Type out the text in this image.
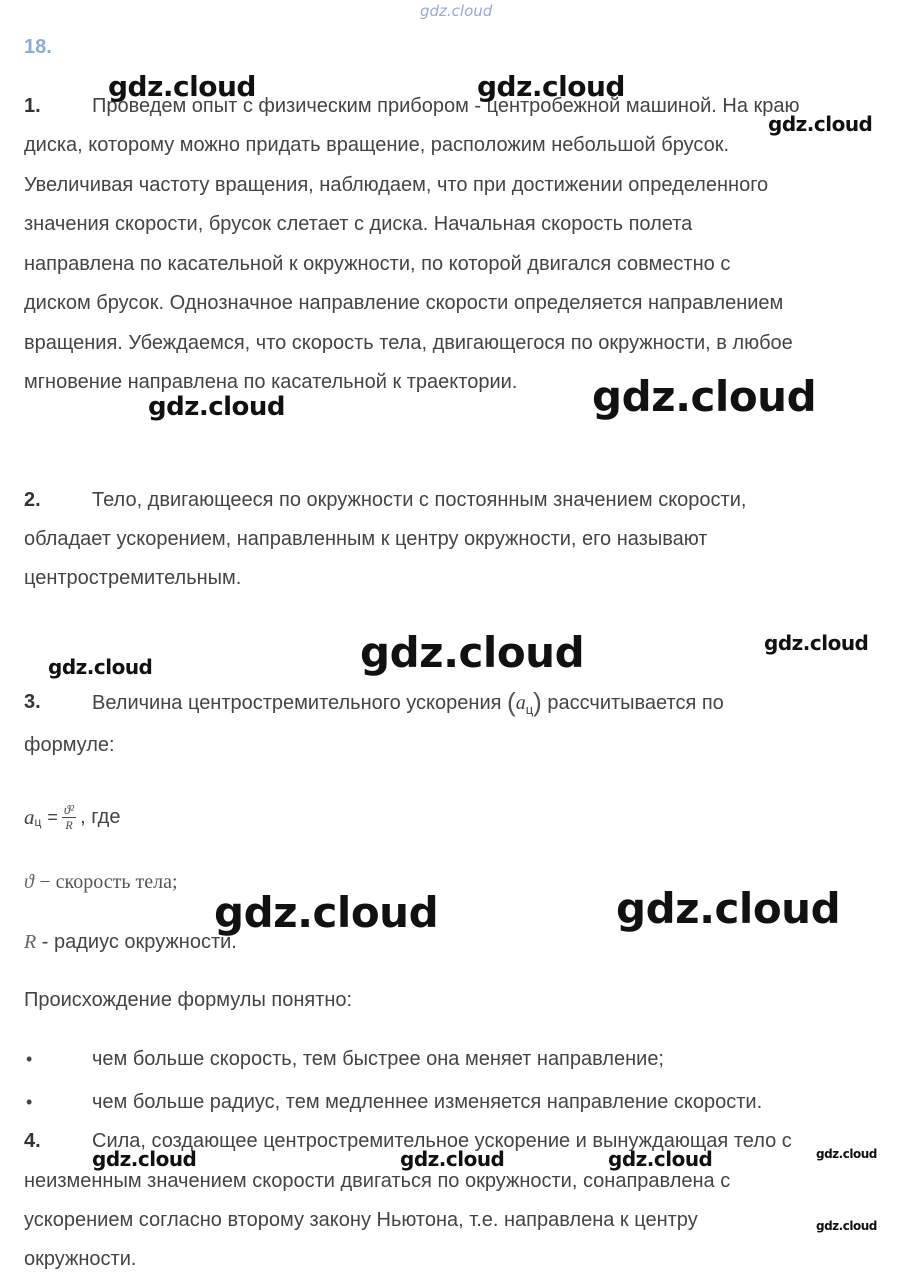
gdz.cloud
18.
1.	Проведем опыт с физическим прибором - центробежной машиной. На краю
диска, которому можно придать вращение, расположим небольшой брусок.
Увеличивая частоту вращения, наблюдаем, что при достижении определенного
значения скорости, брусок слетает с диска. Начальная скорость полета
направлена по касательной к окружности, по которой двигался совместно с
диском брусок. Однозначное направление скорости определяется направлением
вращения. Убеждаемся, что скорость тела, двигающегося по окружности, в любое
мгновение направлена по касательной к траектории.
2.	Тело, двигающееся по окружности с постоянным значением скорости,
обладает ускорением, направленным к центру окружности, его называют
центростремительным.
3.	Величина центростремительного ускорения $(a_ц)$ рассчитывается по
формуле:
a $ц = \frac{\text{ϑ²}}{R}$ , где
ϑ − скорость тела;
R - радиус окружности.
Происхождение формулы понятно:
•	чем больше скорость, тем быстрее она меняет направление;
•	чем больше радиус, тем медленнее изменяется направление скорости.
4.	Сила, создающее центростремительное ускорение и вынуждающая тело с
неизменным значением скорости двигаться по окружности, сонаправлена с
ускорением согласно второму закону Ньютона, т.е. направлена к центру
окружности.
gdz.cloud	gdz.cloud
gdz.cloud
gdz.cloud	gdz.cloud
gdz.cloud	gdz.cloud
gdz.cloud
gdz.cloud	gdz.cloud
gdz.cloud	gdz.cloud	gdz.cloud	gdz.cloud
gdz.cloud
